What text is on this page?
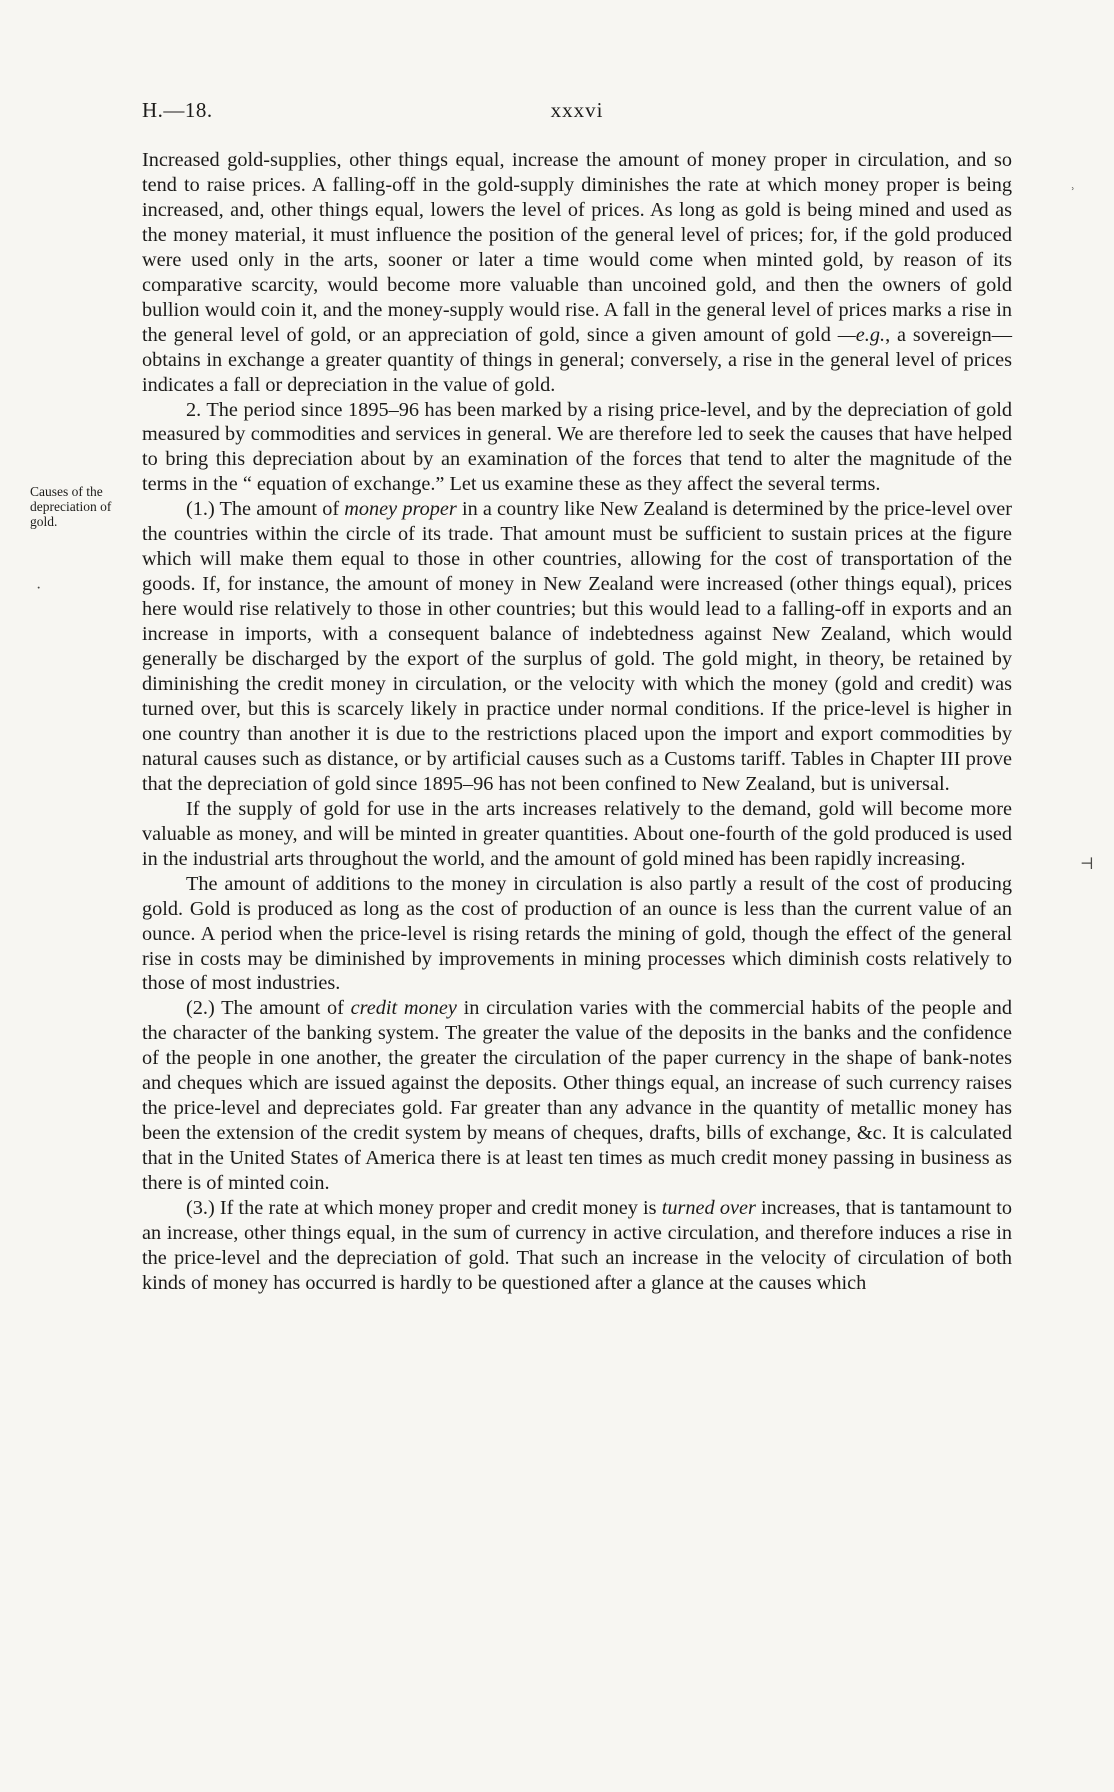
H.—18.	xxxvi
Causes of the depreciation of gold.

Increased gold-supplies, other things equal, increase the amount of money proper in circulation, and so tend to raise prices. A falling-off in the gold-supply diminishes the rate at which money proper is being increased, and, other things equal, lowers the level of prices. As long as gold is being mined and used as the money material, it must influence the position of the general level of prices; for, if the gold produced were used only in the arts, sooner or later a time would come when minted gold, by reason of its comparative scarcity, would become more valuable than uncoined gold, and then the owners of gold bullion would coin it, and the money-supply would rise. A fall in the general level of prices marks a rise in the general level of gold, or an appreciation of gold, since a given amount of gold —e.g., a sovereign—obtains in exchange a greater quantity of things in general; conversely, a rise in the general level of prices indicates a fall or depreciation in the value of gold.

2. The period since 1895–96 has been marked by a rising price-level, and by the depreciation of gold measured by commodities and services in general. We are therefore led to seek the causes that have helped to bring this depreciation about by an examination of the forces that tend to alter the magnitude of the terms in the “ equation of exchange.” Let us examine these as they affect the several terms.

(1.) The amount of money proper in a country like New Zealand is determined by the price-level over the countries within the circle of its trade. That amount must be sufficient to sustain prices at the figure which will make them equal to those in other countries, allowing for the cost of transportation of the goods. If, for instance, the amount of money in New Zealand were increased (other things equal), prices here would rise relatively to those in other countries; but this would lead to a falling-off in exports and an increase in imports, with a consequent balance of indebtedness against New Zealand, which would generally be discharged by the export of the surplus of gold. The gold might, in theory, be retained by diminishing the credit money in circulation, or the velocity with which the money (gold and credit) was turned over, but this is scarcely likely in practice under normal conditions. If the price-level is higher in one country than another it is due to the restrictions placed upon the import and export commodities by natural causes such as distance, or by artificial causes such as a Customs tariff. Tables in Chapter III prove that the depreciation of gold since 1895–96 has not been confined to New Zealand, but is universal.

If the supply of gold for use in the arts increases relatively to the demand, gold will become more valuable as money, and will be minted in greater quantities. About one-fourth of the gold produced is used in the industrial arts throughout the world, and the amount of gold mined has been rapidly increasing.

The amount of additions to the money in circulation is also partly a result of the cost of producing gold. Gold is produced as long as the cost of production of an ounce is less than the current value of an ounce. A period when the price-level is rising retards the mining of gold, though the effect of the general rise in costs may be diminished by improvements in mining processes which diminish costs relatively to those of most industries.

(2.) The amount of credit money in circulation varies with the commercial habits of the people and the character of the banking system. The greater the value of the deposits in the banks and the confidence of the people in one another, the greater the circulation of the paper currency in the shape of bank-notes and cheques which are issued against the deposits. Other things equal, an increase of such currency raises the price-level and depreciates gold. Far greater than any advance in the quantity of metallic money has been the extension of the credit system by means of cheques, drafts, bills of exchange, &c. It is calculated that in the United States of America there is at least ten times as much credit money passing in business as there is of minted coin.

(3.) If the rate at which money proper and credit money is turned over increases, that is tantamount to an increase, other things equal, in the sum of currency in active circulation, and therefore induces a rise in the price-level and the depreciation of gold. That such an increase in the velocity of circulation of both kinds of money has occurred is hardly to be questioned after a glance at the causes which

˒
·
⊣
